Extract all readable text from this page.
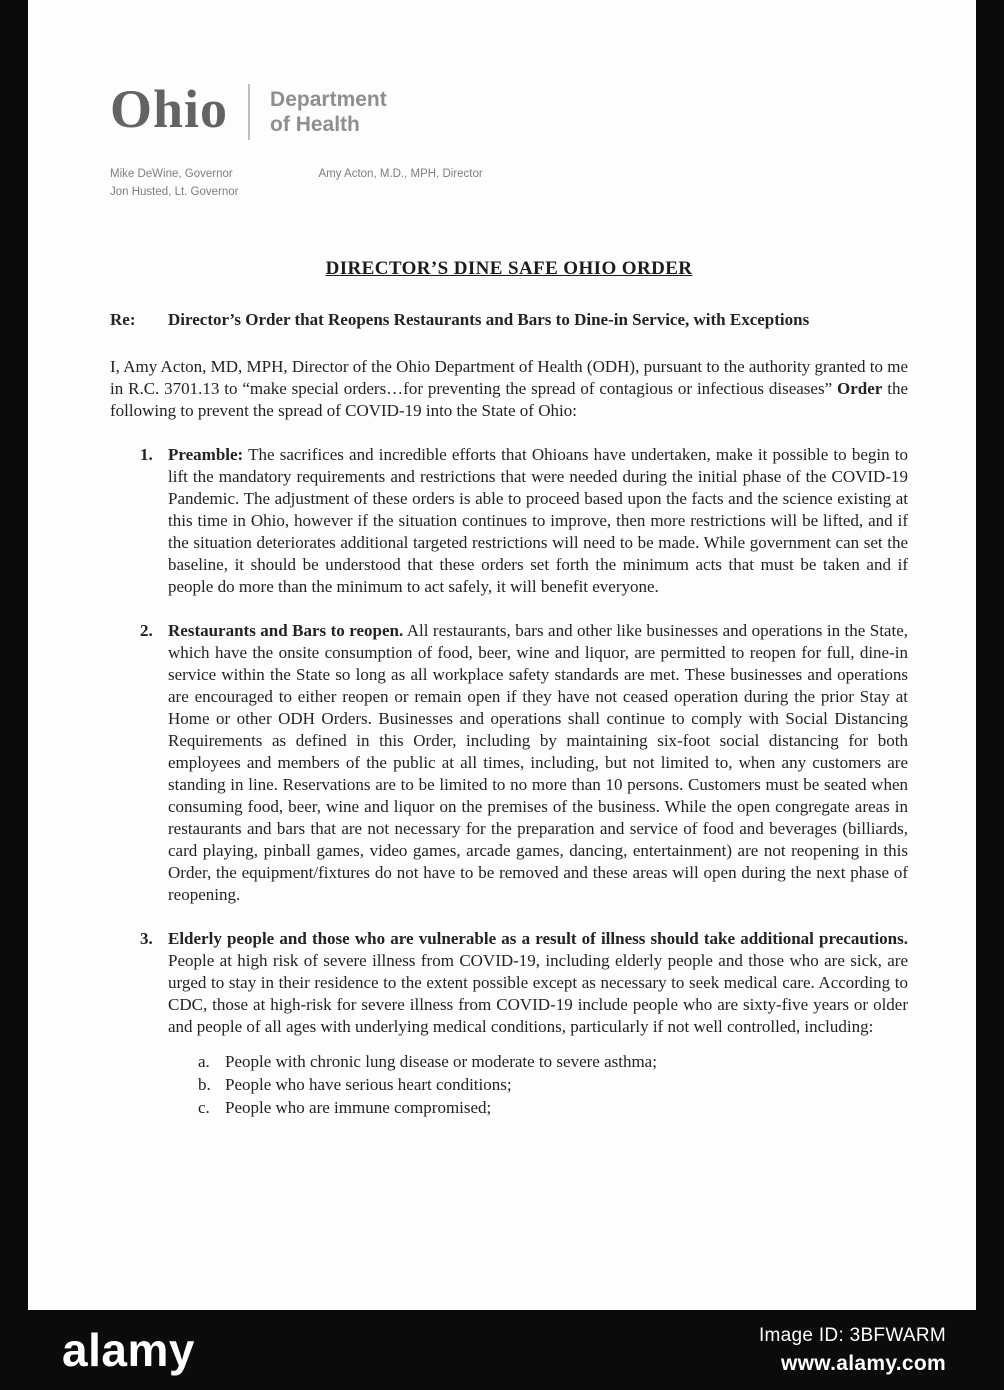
Ohio Department
of Health
Mike DeWine, Governor
Jon Husted, Lt. Governor
Amy Acton, M.D., MPH, Director
DIRECTOR’S DINE SAFE OHIO ORDER
Re:	Director’s Order that Reopens Restaurants and Bars to Dine-in Service, with Exceptions

I, Amy Acton, MD, MPH, Director of the Ohio Department of Health (ODH), pursuant to the authority granted to me in R.C. 3701.13 to “make special orders…for preventing the spread of contagious or infectious diseases” Order the following to prevent the spread of COVID-19 into the State of Ohio:

1. Preamble: The sacrifices and incredible efforts that Ohioans have undertaken, make it possible to begin to lift the mandatory requirements and restrictions that were needed during the initial phase of the COVID-19 Pandemic. The adjustment of these orders is able to proceed based upon the facts and the science existing at this time in Ohio, however if the situation continues to improve, then more restrictions will be lifted, and if the situation deteriorates additional targeted restrictions will need to be made. While government can set the baseline, it should be understood that these orders set forth the minimum acts that must be taken and if people do more than the minimum to act safely, it will benefit everyone.

2. Restaurants and Bars to reopen. All restaurants, bars and other like businesses and operations in the State, which have the onsite consumption of food, beer, wine and liquor, are permitted to reopen for full, dine-in service within the State so long as all workplace safety standards are met. These businesses and operations are encouraged to either reopen or remain open if they have not ceased operation during the prior Stay at Home or other ODH Orders. Businesses and operations shall continue to comply with Social Distancing Requirements as defined in this Order, including by maintaining six-foot social distancing for both employees and members of the public at all times, including, but not limited to, when any customers are standing in line. Reservations are to be limited to no more than 10 persons. Customers must be seated when consuming food, beer, wine and liquor on the premises of the business. While the open congregate areas in restaurants and bars that are not necessary for the preparation and service of food and beverages (billiards, card playing, pinball games, video games, arcade games, dancing, entertainment) are not reopening in this Order, the equipment/fixtures do not have to be removed and these areas will open during the next phase of reopening.

3. Elderly people and those who are vulnerable as a result of illness should take additional precautions. People at high risk of severe illness from COVID-19, including elderly people and those who are sick, are urged to stay in their residence to the extent possible except as necessary to seek medical care. According to CDC, those at high-risk for severe illness from COVID-19 include people who are sixty-five years or older and people of all ages with underlying medical conditions, particularly if not well controlled, including:

a. People with chronic lung disease or moderate to severe asthma;
b. People who have serious heart conditions;
c. People who are immune compromised;
alamy	Image ID: 3BFWARM
www.alamy.com
